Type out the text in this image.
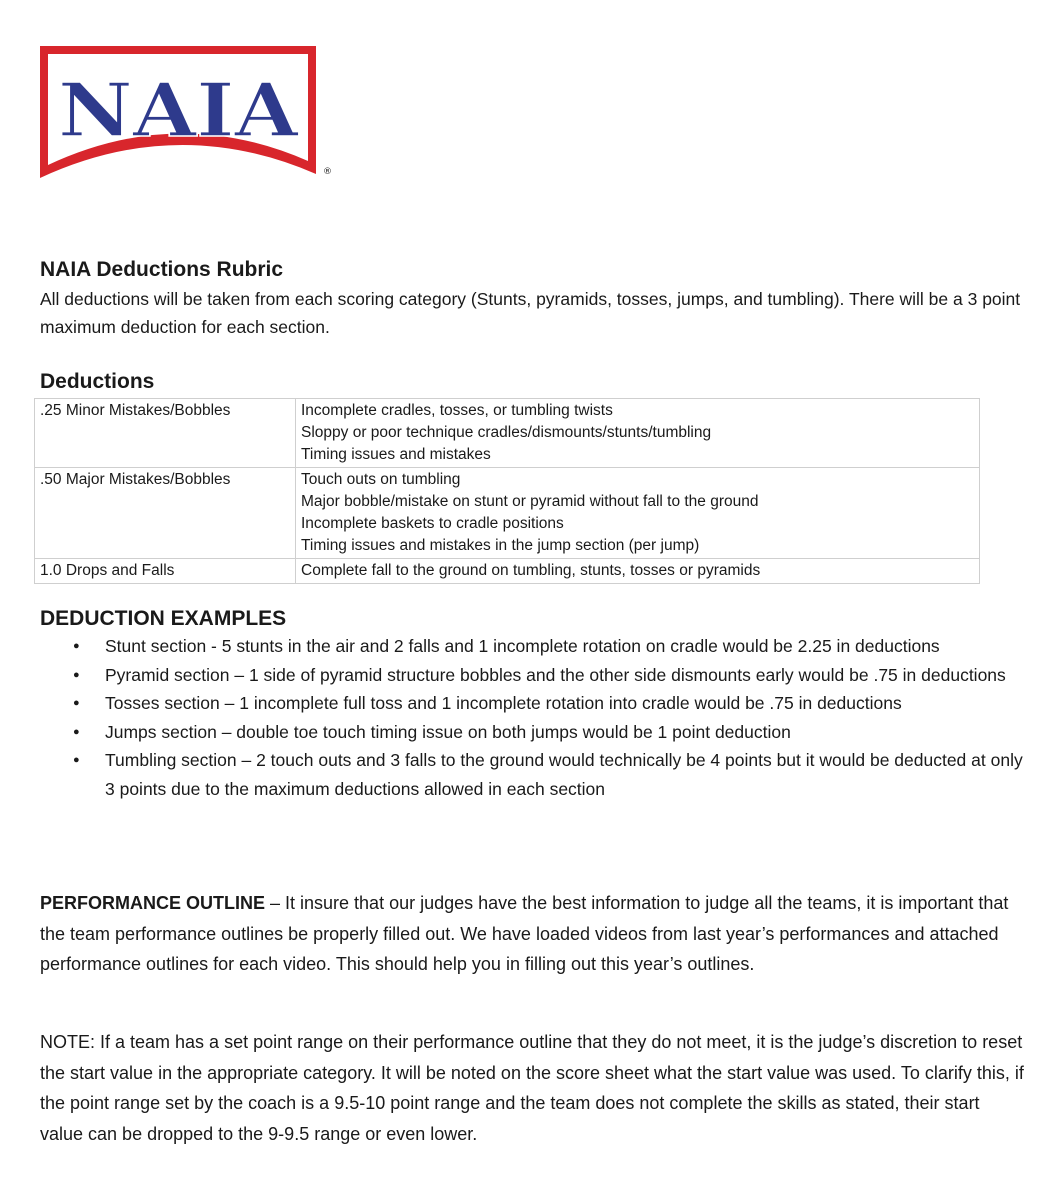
NAIA
®
NAIA Deductions Rubric
All deductions will be taken from each scoring category (Stunts, pyramids, tosses, jumps, and tumbling). There will be a 3 point maximum deduction for each section.
Deductions
.25 Minor Mistakes/Bobbles	Incomplete cradles, tosses, or tumbling twists
Sloppy or poor technique cradles/dismounts/stunts/tumbling
Timing issues and mistakes

.50 Major Mistakes/Bobbles	Touch outs on tumbling
Major bobble/mistake on stunt or pyramid without fall to the ground
Incomplete baskets to cradle positions
Timing issues and mistakes in the jump section (per jump)

1.0 Drops and Falls	Complete fall to the ground on tumbling, stunts, tosses or pyramids
DEDUCTION EXAMPLES
● Stunt section - 5 stunts in the air and 2 falls and 1 incomplete rotation on cradle would be 2.25 in deductions
● Pyramid section – 1 side of pyramid structure bobbles and the other side dismounts early would be .75 in deductions
● Tosses section – 1 incomplete full toss and 1 incomplete rotation into cradle would be .75 in deductions
● Jumps section – double toe touch timing issue on both jumps would be 1 point deduction
● Tumbling section – 2 touch outs and 3 falls to the ground would technically be 4 points but it would be deducted at only 3 points due to the maximum deductions allowed in each section

PERFORMANCE OUTLINE – It insure that our judges have the best information to judge all the teams, it is important that the team performance outlines be properly filled out. We have loaded videos from last year’s performances and attached performance outlines for each video. This should help you in filling out this year’s outlines.

NOTE: If a team has a set point range on their performance outline that they do not meet, it is the judge’s discretion to reset the start value in the appropriate category. It will be noted on the score sheet what the start value was used. To clarify this, if the point range set by the coach is a 9.5-10 point range and the team does not complete the skills as stated, their start value can be dropped to the 9-9.5 range or even lower.
